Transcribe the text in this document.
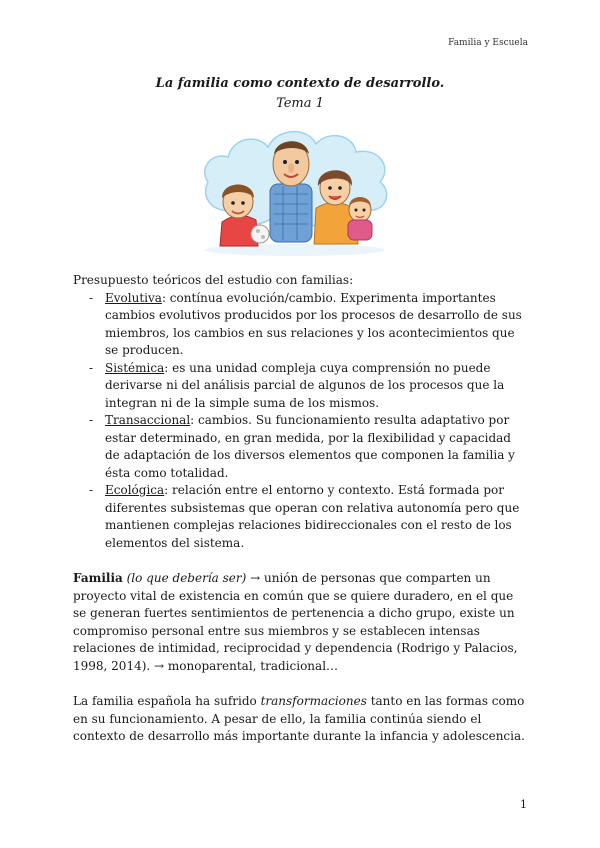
Familia y Escuela
La familia como contexto de desarrollo.
Tema 1

Presupuesto teóricos del estudio con familias:

- Evolutiva: contínua evolución/cambio. Experimenta importantes cambios evolutivos producidos por los procesos de desarrollo de sus miembros, los cambios en sus relaciones y los acontecimientos que se producen.
- Sistémica: es una unidad compleja cuya comprensión no puede derivarse ni del análisis parcial de algunos de los procesos que la integran ni de la simple suma de los mismos.
- Transaccional: cambios. Su funcionamiento resulta adaptativo por estar determinado, en gran medida, por la flexibilidad y capacidad de adaptación de los diversos elementos que componen la familia y ésta como totalidad.
- Ecológica: relación entre el entorno y contexto. Está formada por diferentes subsistemas que operan con relativa autonomía pero que mantienen complejas relaciones bidireccionales con el resto de los elementos del sistema.

Familia (lo que debería ser) → unión de personas que comparten un proyecto vital de existencia en común que se quiere duradero, en el que se generan fuertes sentimientos de pertenencia a dicho grupo, existe un compromiso personal entre sus miembros y se establecen intensas relaciones de intimidad, reciprocidad y dependencia (Rodrigo y Palacios, 1998, 2014). → monoparental, tradicional…

La familia española ha sufrido transformaciones tanto en las formas como en su funcionamiento. A pesar de ello, la familia continúa siendo el contexto de desarrollo más importante durante la infancia y adolescencia.

1
